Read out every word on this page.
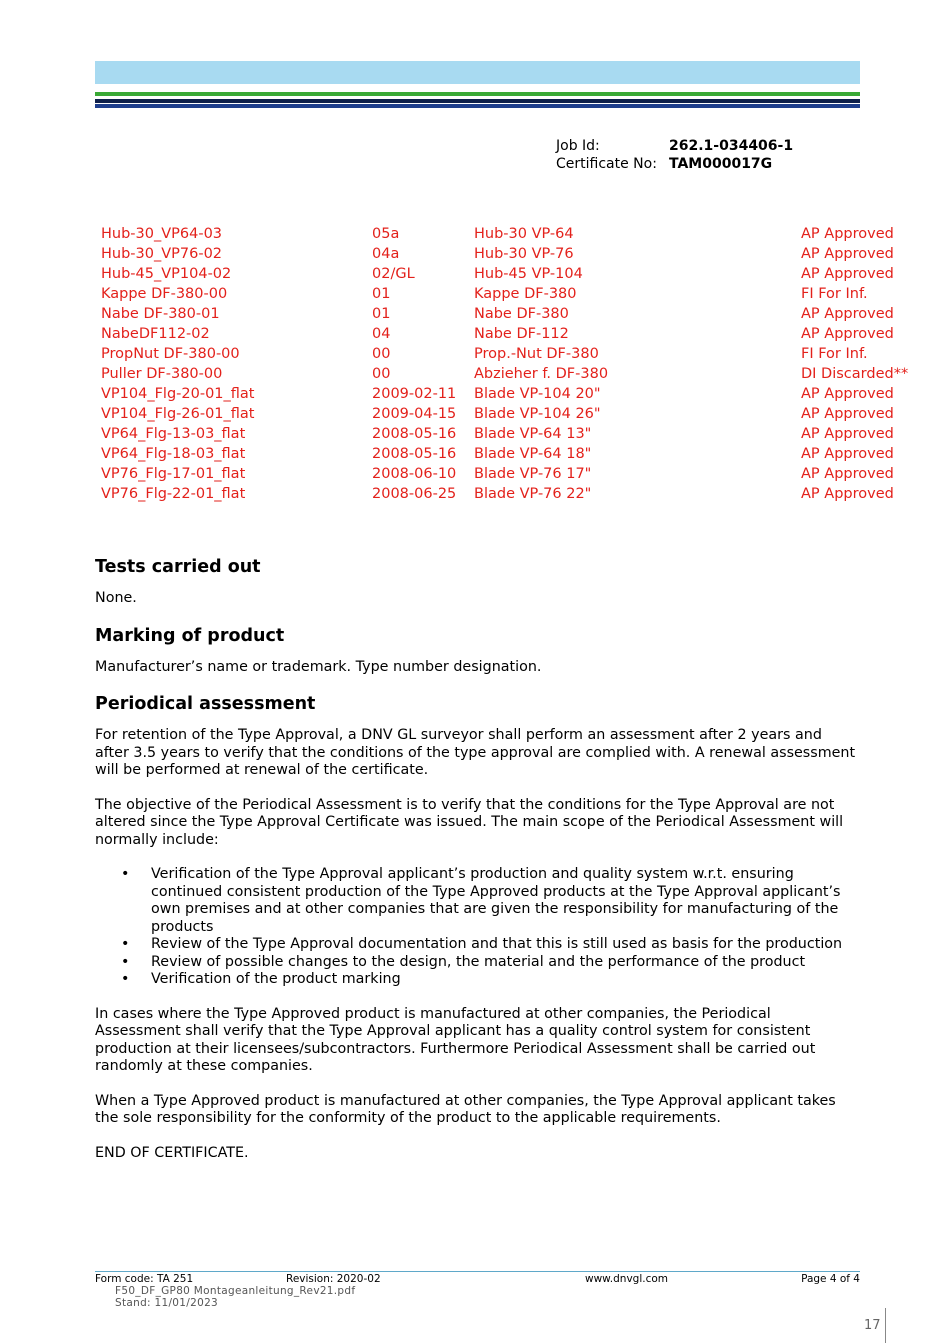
Job Id:	262.1-034406-1
Certificate No: TAM000017G
Hub-30_VP64-03	05a	Hub-30 VP-64	AP Approved
Hub-30_VP76-02	04a	Hub-30 VP-76	AP Approved
Hub-45_VP104-02	02/GL	Hub-45 VP-104	AP Approved
Kappe DF-380-00	01	Kappe DF-380	FI For Inf.
Nabe DF-380-01	01	Nabe DF-380	AP Approved
NabeDF112-02	04	Nabe DF-112	AP Approved
PropNut DF-380-00	00	Prop.-Nut DF-380	FI For Inf.
Puller DF-380-00	00	Abzieher f. DF-380	DI Discarded**
VP104_Flg-20-01_flat	2009-02-11 Blade VP-104 20"	AP Approved
VP104_Flg-26-01_flat	2009-04-15 Blade VP-104 26"	AP Approved
VP64_Flg-13-03_flat	2008-05-16 Blade VP-64 13"	AP Approved
VP64_Flg-18-03_flat	2008-05-16 Blade VP-64 18"	AP Approved
VP76_Flg-17-01_flat	2008-06-10 Blade VP-76 17"	AP Approved
VP76_Flg-22-01_flat	2008-06-25 Blade VP-76 22"	AP Approved
Tests carried out

None.

Marking of product

Manufacturer’s name or trademark. Type number designation.

Periodical assessment

For retention of the Type Approval, a DNV GL surveyor shall perform an assessment after 2 years and after 3.5 years to verify that the conditions of the type approval are complied with. A renewal assessment will be performed at renewal of the certificate.

The objective of the Periodical Assessment is to verify that the conditions for the Type Approval are not altered since the Type Approval Certificate was issued. The main scope of the Periodical Assessment will normally include:

• Verification of the Type Approval applicant’s production and quality system w.r.t. ensuring continued consistent production of the Type Approved products at the Type Approval applicant’s own premises and at other companies that are given the responsibility for manufacturing of the products
• Review of the Type Approval documentation and that this is still used as basis for the production
• Review of possible changes to the design, the material and the performance of the product
• Verification of the product marking

In cases where the Type Approved product is manufactured at other companies, the Periodical Assessment shall verify that the Type Approval applicant has a quality control system for consistent production at their licensees/subcontractors. Furthermore Periodical Assessment shall be carried out randomly at these companies.

When a Type Approved product is manufactured at other companies, the Type Approval applicant takes the sole responsibility for the conformity of the product to the applicable requirements.

END OF CERTIFICATE.

Form code: TA 251	Revision: 2020-02	www.dnvgl.com	Page 4 of 4
F50_DF_GP80 Montageanleitung_Rev21.pdf
Stand: 11/01/2023
17
